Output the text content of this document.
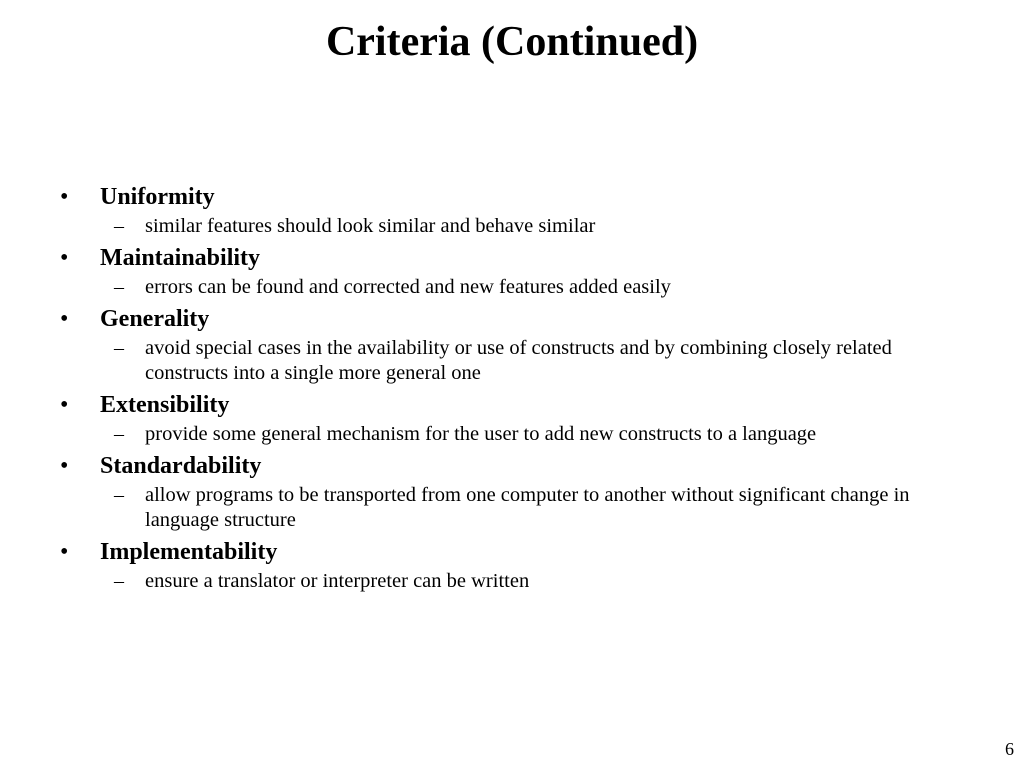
Criteria (Continued)
• Uniformity
– similar features should look similar and behave similar
• Maintainability
– errors can be found and corrected and new features added easily
• Generality
– avoid special cases in the availability or use of constructs and by combining closely related constructs into a single more general one
• Extensibility
– provide some general mechanism for the user to add new constructs to a language
• Standardability
– allow programs to be transported from one computer to another without significant change in language structure
• Implementability
– ensure a translator or interpreter can be written
6
